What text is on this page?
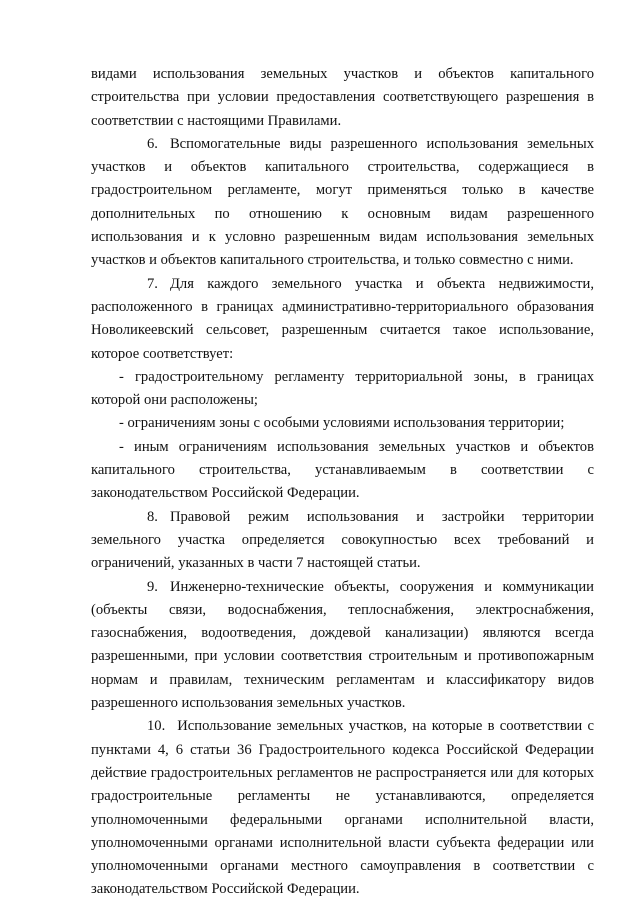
видами использования земельных участков и объектов капитального строительства при условии предоставления соответствующего разрешения в соответствии с настоящими Правилами.

6. Вспомогательные виды разрешенного использования земельных участков и объектов капитального строительства, содержащиеся в градостроительном регламенте, могут применяться только в качестве дополнительных по отношению к основным видам разрешенного использования и к условно разрешенным видам использования земельных участков и объектов капитального строительства, и только совместно с ними.

7. Для каждого земельного участка и объекта недвижимости, расположенного в границах административно-территориального образования Новоликеевский сельсовет, разрешенным считается такое использование, которое соответствует:

- градостроительному регламенту территориальной зоны, в границах которой они расположены;

- ограничениям зоны с особыми условиями использования территории;

- иным ограничениям использования земельных участков и объектов капитального строительства, устанавливаемым в соответствии с законодательством Российской Федерации.

8. Правовой режим использования и застройки территории земельного участка определяется совокупностью всех требований и ограничений, указанных в части 7 настоящей статьи.

9. Инженерно-технические объекты, сооружения и коммуникации (объекты связи, водоснабжения, теплоснабжения, электроснабжения, газоснабжения, водоотведения, дождевой канализации) являются всегда разрешенными, при условии соответствия строительным и противопожарным нормам и правилам, техническим регламентам и классификатору видов разрешенного использования земельных участков.

10. Использование земельных участков, на которые в соответствии с пунктами 4, 6 статьи 36 Градостроительного кодекса Российской Федерации действие градостроительных регламентов не распространяется или для которых градостроительные регламенты не устанавливаются, определяется уполномоченными федеральными органами исполнительной власти, уполномоченными органами исполнительной власти субъекта федерации или уполномоченными органами местного самоуправления в соответствии с законодательством Российской Федерации.
